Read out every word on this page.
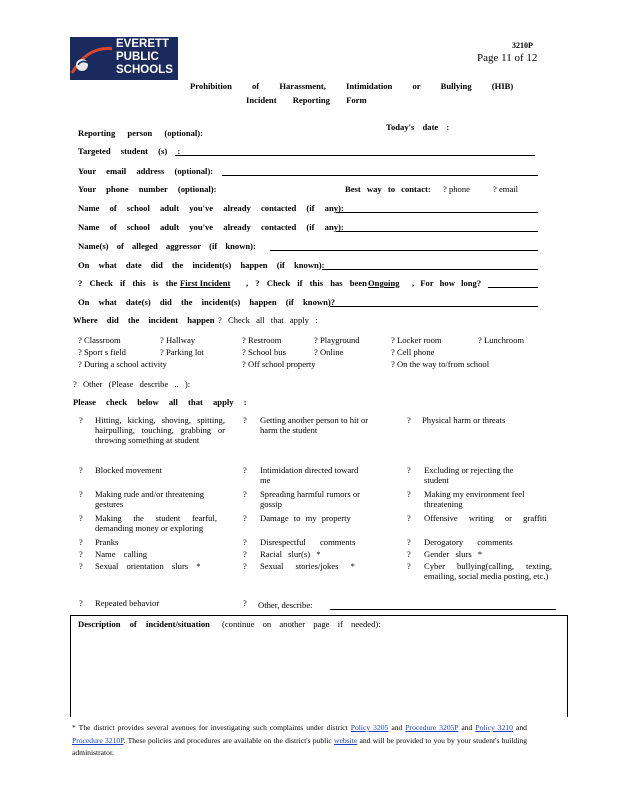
EVERETT
PUBLIC
SCHOOLS
3210P
Page 11 of 12
Prohibition of Harassment, Intimidation or Bullying (HIB)
Incident Reporting Form
Today's date :
Reporting person (optional):
Targeted student (s) :
Your email address (optional):
Your phone number (optional):	Best way to contact: ? phone	? email
Name of school adult you've already contacted (if any):
Name of school adult you've already contacted (if any):
Name(s) of alleged aggressor (if known):
On what date did the incident(s) happen (if known):
? Check if this is the First Incident , ? Check if this has been Ongoing , For how long?
On what date(s) did the incident(s) happen (if known)?
Where did the incident happen ? Check all that apply :
? Classroom
? Sport s field
? During a school activity
? Hallway
? Parking lot
? Restroom
? School bus
? Off school property
? Playground
? Online
? Locker room
? Cell phone
? On the way to/from school
? Lunchroom
? Other (Please describe .. ):
Please check below all that apply :
? Hitting, kicking, shoving, spitting, hairpulling, touching, grabbing or throwing something at student
? Blocked movement
? Making rude and/or threatening gestures
? Making the student fearful, demanding money or exploring
? Pranks
? Name calling
? Sexual orientation slurs *
? Repeated behavior
? Getting another person to hit or harm the student
? Intimidation directed toward me
? Spreading harmful rumors or gossip
? Damage to my property
? Disrespectful comments
? Racial slur(s) *
? Sexual stories/jokes *
? Other, describe:
? Physical harm or threats
? Excluding or rejecting the student
? Making my environment feel threatening
? Offensive writing or graffiti
? Derogatory comments
? Gender slurs *
? Cyber bullying(calling, texting, emailing, social media posting, etc.)
Description of incident/situation (continue on another page if needed):
* The district provides several avenues for investigating such complaints under district Policy 3205 and Procedure 3205P and Policy 3210 and Procedure 3210P. These policies and procedures are available on the district's public website and will be provided to you by your student's building administrator.
